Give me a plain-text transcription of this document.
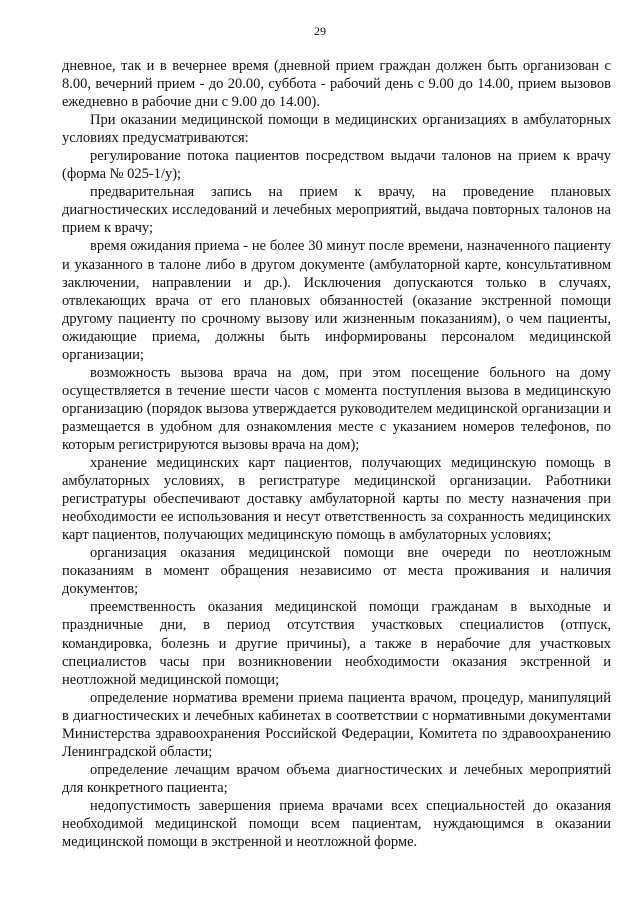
29

дневное, так и в вечернее время (дневной прием граждан должен быть организован с 8.00, вечерний прием - до 20.00, суббота - рабочий день с 9.00 до 14.00, прием вызовов ежедневно в рабочие дни с 9.00 до 14.00).

При оказании медицинской помощи в медицинских организациях в амбулаторных условиях предусматриваются:

регулирование потока пациентов посредством выдачи талонов на прием к врачу (форма № 025-1/у);

предварительная запись на прием к врачу, на проведение плановых диагностических исследований и лечебных мероприятий, выдача повторных талонов на прием к врачу;

время ожидания приема - не более 30 минут после времени, назначенного пациенту и указанного в талоне либо в другом документе (амбулаторной карте, консультативном заключении, направлении и др.). Исключения допускаются только в случаях, отвлекающих врача от его плановых обязанностей (оказание экстренной помощи другому пациенту по срочному вызову или жизненным показаниям), о чем пациенты, ожидающие приема, должны быть информированы персоналом медицинской организации;

возможность вызова врача на дом, при этом посещение больного на дому осуществляется в течение шести часов с момента поступления вызова в медицинскую организацию (порядок вызова утверждается руководителем медицинской организации и размещается в удобном для ознакомления месте с указанием номеров телефонов, по которым регистрируются вызовы врача на дом);

хранение медицинских карт пациентов, получающих медицинскую помощь в амбулаторных условиях, в регистратуре медицинской организации. Работники регистратуры обеспечивают доставку амбулаторной карты по месту назначения при необходимости ее использования и несут ответственность за сохранность медицинских карт пациентов, получающих медицинскую помощь в амбулаторных условиях;

организация оказания медицинской помощи вне очереди по неотложным показаниям в момент обращения независимо от места проживания и наличия документов;

преемственность оказания медицинской помощи гражданам в выходные и праздничные дни, в период отсутствия участковых специалистов (отпуск, командировка, болезнь и другие причины), а также в нерабочие для участковых специалистов часы при возникновении необходимости оказания экстренной и неотложной медицинской помощи;

определение норматива времени приема пациента врачом, процедур, манипуляций в диагностических и лечебных кабинетах в соответствии с нормативными документами Министерства здравоохранения Российской Федерации, Комитета по здравоохранению Ленинградской области;

определение лечащим врачом объема диагностических и лечебных мероприятий для конкретного пациента;

недопустимость завершения приема врачами всех специальностей до оказания необходимой медицинской помощи всем пациентам, нуждающимся в оказании медицинской помощи в экстренной и неотложной форме.
